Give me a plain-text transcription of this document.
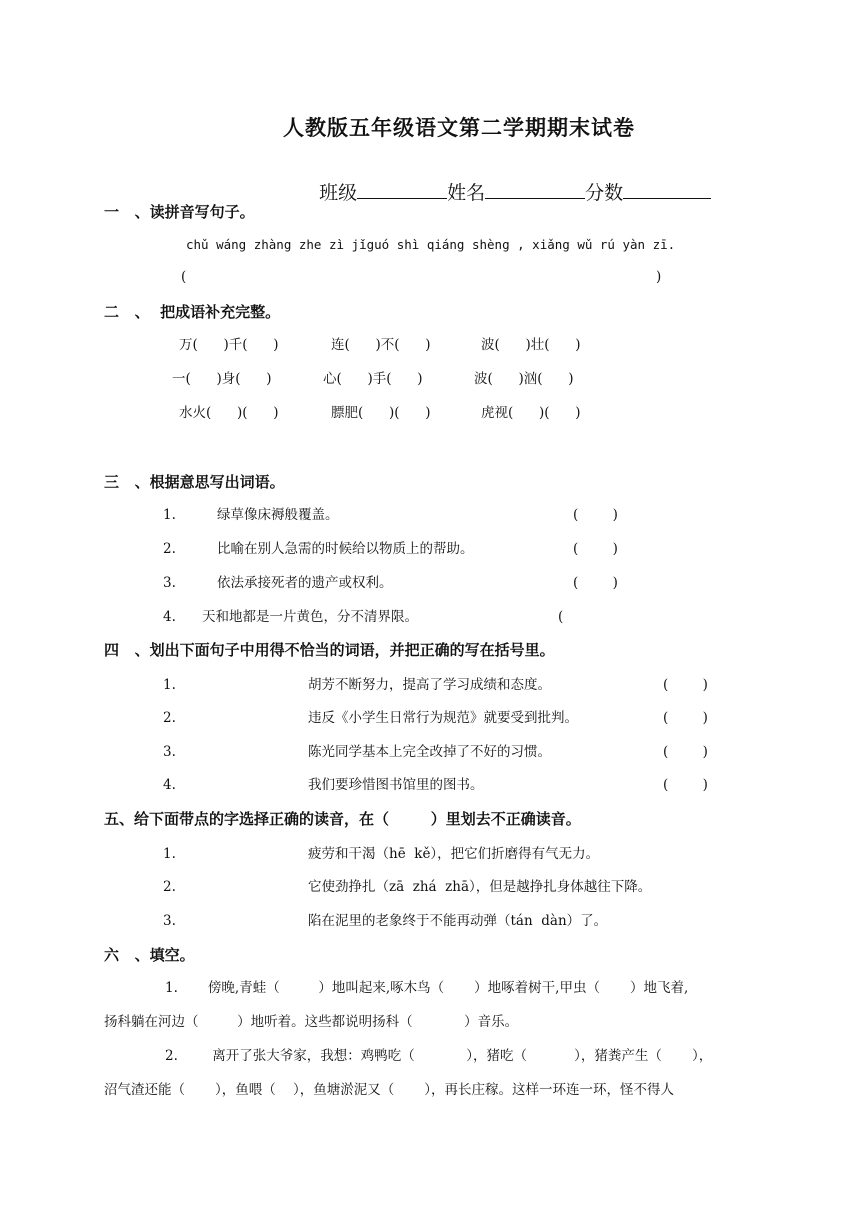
人教版五年级语文第二学期期末试卷

班级	姓名	分数

一   、读拼音写句子。
chǔ wáng zhàng zhe zì jǐguó shì qiáng shèng , xiǎng wǔ rú yàn zī.
(	)
二   、  把成语补充完整。
万(      )千(      )	连(      )不(      )	波(      )壮(      )
一(      )身(      )	心(      )手(      )	波(      )汹(      )
水火(      )(      )	膘肥(      )(      )	虎视(      )(      )
三   、根据意思写出词语。
1.	绿草像床褥般覆盖。	(        )
2.	比喻在别人急需的时候给以物质上的帮助。	(        )
3.	依法承接死者的遗产或权利。	(        )
4. 天和地都是一片黄色，分不清界限。	(
四   、划出下面句子中用得不恰当的词语，并把正确的写在括号里。
1.	胡芳不断努力，提高了学习成绩和态度。	(        )
2.	违反《小学生日常行为规范》就要受到批判。	(        )
3.	陈光同学基本上完全改掉了不好的习惯。	(        )
4.	我们要珍惜图书馆里的图书。	(        )
五、给下面带点的字选择正确的读音，在（        ）里划去不正确读音。
1.	疲劳和干渴（hē  kě），把它们折磨得有气无力。
2.	它使劲挣扎（zā  zhá  zhā），但是越挣扎身体越往下降。
3.	陷在泥里的老象终于不能再动弹（tán  dàn）了。
六   、填空。
1.       傍晚,青蛙（         ）地叫起来,啄木鸟（       ）地啄着树干,甲虫（       ）地飞着,
扬科躺在河边（         ）地听着。这些都说明扬科（            ）音乐。
2.        离开了张大爷家，我想：鸡鸭吃（            ），猪吃（           ），猪粪产生（       ），
沼气渣还能（       ），鱼喂（    ），鱼塘淤泥又（       ），再长庄稼。这样一环连一环，怪不得人
